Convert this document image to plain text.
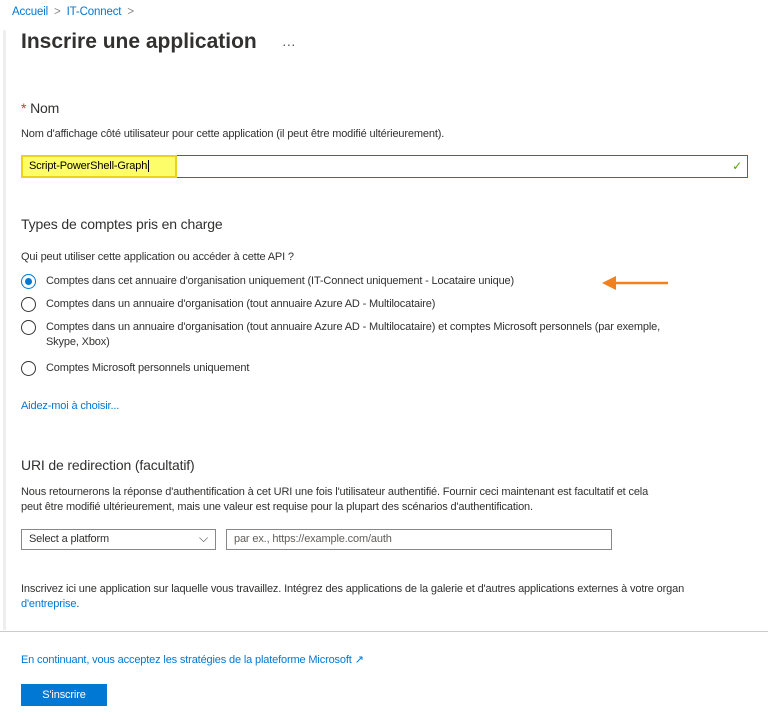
Accueil > IT-Connect >
Inscrire une application ···
* Nom
Nom d'affichage côté utilisateur pour cette application (il peut être modifié ultérieurement).
Script-PowerShell-Graph	✓
Types de comptes pris en charge
Qui peut utiliser cette application ou accéder à cette API ?
Comptes dans cet annuaire d'organisation uniquement (IT-Connect uniquement - Locataire unique)
Comptes dans un annuaire d'organisation (tout annuaire Azure AD - Multilocataire)
Comptes dans un annuaire d'organisation (tout annuaire Azure AD - Multilocataire) et comptes Microsoft personnels (par exemple,
Skype, Xbox)
Comptes Microsoft personnels uniquement
Aidez-moi à choisir...
URI de redirection (facultatif)
Nous retournerons la réponse d'authentification à cet URI une fois l'utilisateur authentifié. Fournir ceci maintenant est facultatif et cela
peut être modifié ultérieurement, mais une valeur est requise pour la plupart des scénarios d'authentification.
Select a platform	⌵	par ex., https://example.com/auth
Inscrivez ici une application sur laquelle vous travaillez. Intégrez des applications de la galerie et d'autres applications externes à votre organ
d'entreprise.
En continuant, vous acceptez les stratégies de la plateforme Microsoft ↗
S'inscrire
